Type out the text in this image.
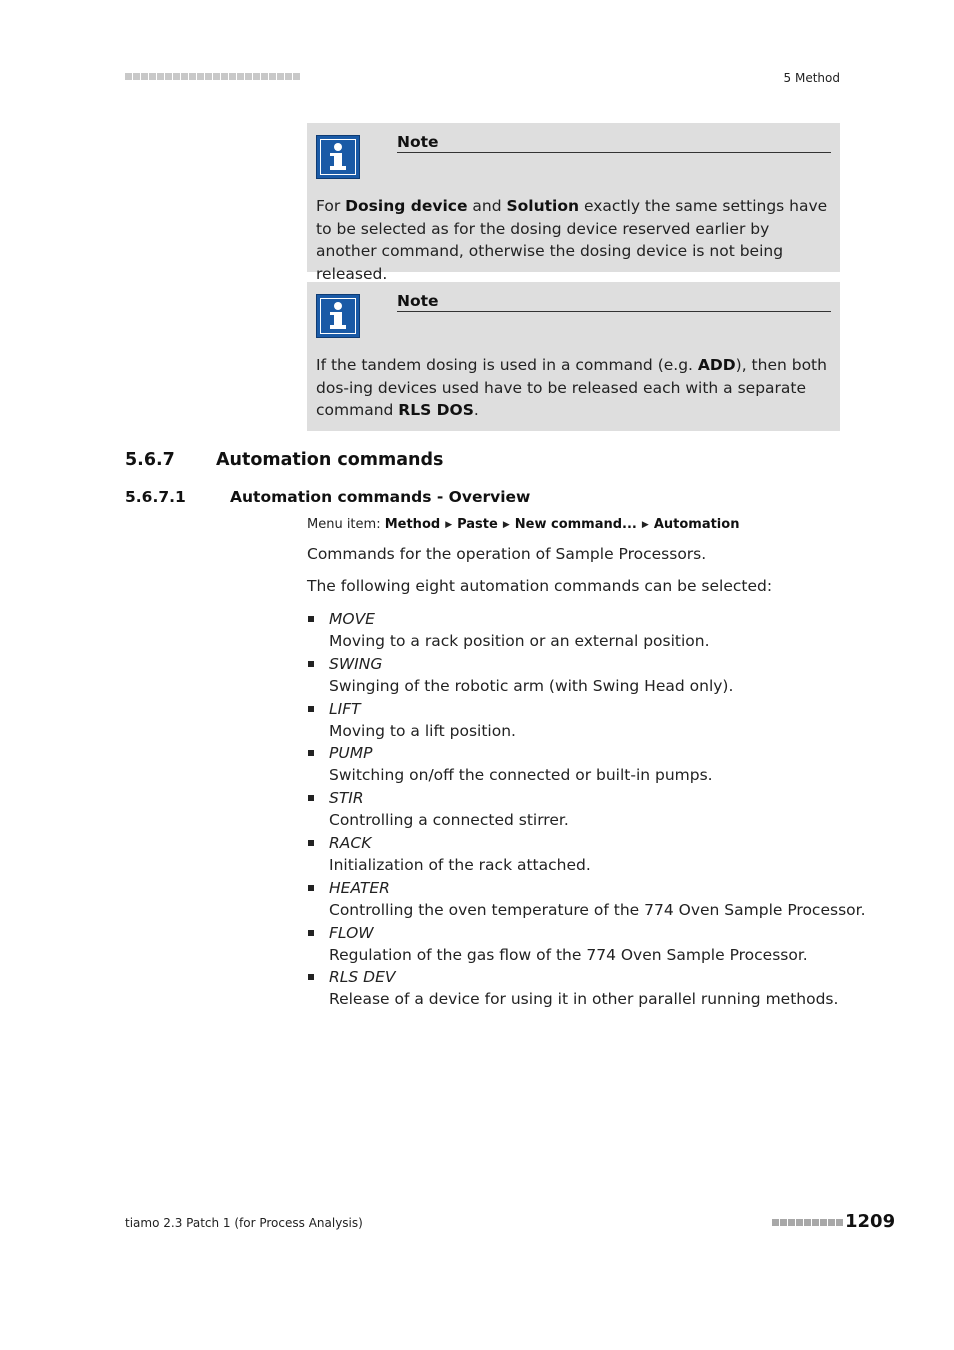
5 Method
Note
For Dosing device and Solution exactly the same settings have to be selected as for the dosing device reserved earlier by another command, otherwise the dosing device is not being released.
Note
If the tandem dosing is used in a command (e.g. ADD), then both dos-ing devices used have to be released each with a separate command RLS DOS.
5.6.7 Automation commands
5.6.7.1	Automation commands - Overview
Menu item: Method ▶ Paste ▶ New command... ▶ Automation
Commands for the operation of Sample Processors.
The following eight automation commands can be selected:
MOVE
Moving to a rack position or an external position.
SWING
Swinging of the robotic arm (with Swing Head only).
LIFT
Moving to a lift position.
PUMP
Switching on/off the connected or built-in pumps.
STIR
Controlling a connected stirrer.
RACK
Initialization of the rack attached.
HEATER
Controlling the oven temperature of the 774 Oven Sample Processor.
FLOW
Regulation of the gas flow of the 774 Oven Sample Processor.
RLS DEV
Release of a device for using it in other parallel running methods.
tiamo 2.3 Patch 1 (for Process Analysis)	1209
